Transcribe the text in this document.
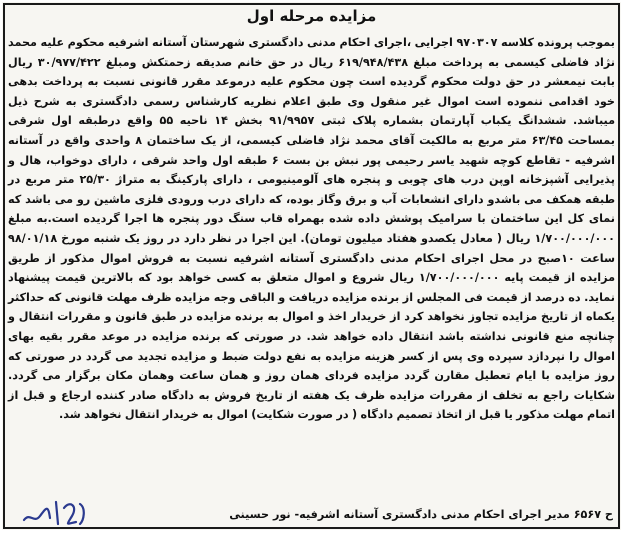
مزایده مرحله اول

بموجب پرونده کلاسه ۹۷۰۳۰۷ اجرایی ،اجرای احکام مدنی دادگستری شهرستان آستانه اشرفیه محکوم علیه محمد نژاد فاضلی کیسمی به پرداخت مبلغ ۶۱۹/۹۴۸/۴۳۸ ریال در حق خانم صدیقه زحمتکش ومبلغ ۳۰/۹۷۷/۴۲۲ ریال بابت نیمعشر در حق دولت محکوم گردیده است چون محکوم علیه درموعد مقرر قانونی نسبت به پرداخت بدهی خود اقدامی ننموده است اموال غیر منقول وی طبق اعلام نظریه کارشناس رسمی دادگستری به شرح ذیل میباشد. ششدانگ یکباب آپارتمان بشماره پلاک ثبتی ۹۱/۹۹۵۷ بخش ۱۴ ناحیه ۵۵ واقع درطبقه اول شرقی بمساحت ۶۳/۴۵ متر مربع به مالکیت آقای محمد نژاد فاضلی کیسمی، از یک ساختمان ۸ واحدی واقع در آستانه اشرفیه - تقاطع کوچه شهید یاسر رحیمی پور نبش بن بست ۶ طبقه اول واحد شرقی ، دارای دوخواب، هال و پذیرایی آشپزخانه اوپن درب های چوبی و پنجره های آلومینیومی ، دارای پارکینگ به متراژ ۲۵/۳۰ متر مربع در طبقه همکف می باشدو دارای انشعابات آب و برق وگاز بوده، که دارای درب ورودی فلزی ماشین رو می باشد که نمای کل این ساختمان با سرامیک پوشش داده شده بهمراه قاب سنگ دور پنجره ها اجرا گردیده است.به مبلغ ۱/۷۰۰/۰۰۰/۰۰۰ ریال ( معادل یکصدو هفتاد میلیون تومان). این اجرا در نظر دارد در روز یک شنبه مورخ ۹۸/۰۱/۱۸ ساعت ۱۰صبح در محل اجرای احکام مدنی دادگستری آستانه اشرفیه نسبت به فروش اموال مذکور از طریق مزایده از قیمت پایه ۱/۷۰۰/۰۰۰/۰۰۰ ریال شروع و اموال متعلق به کسی خواهد بود که بالاترین قیمت پیشنهاد نماید. ده درصد از قیمت فی المجلس از برنده مزایده دریافت و الباقی وجه مزایده ظرف مهلت قانونی که حداکثر یکماه از تاریخ مزایده تجاوز نخواهد کرد از خریدار اخذ و اموال به برنده مزایده در طبق قانون و مقررات انتقال و چنانچه منع قانونی نداشته باشد انتقال داده خواهد شد. در صورتی که برنده مزایده در موعد مقرر بقیه بهای اموال را نپردازد سپرده وی پس از کسر هزینه مزایده به نفع دولت ضبط و مزایده تجدید می گردد در صورتی که روز مزایده با ایام تعطیل مقارن گردد مزایده فردای همان روز و همان ساعت وهمان مکان برگزار می گردد. شکایات راجع به تخلف از مقررات مزایده ظرف یک هفته از تاریخ فروش به دادگاه صادر کننده ارجاع و قبل از اتمام مهلت مذکور یا قبل از اتخاذ تصمیم دادگاه ( در صورت شکایت) اموال به خریدار انتقال نخواهد شد.

ح ۶۵۶۷ مدیر اجرای احکام مدنی دادگستری آستانه اشرفیه- نور حسینی
